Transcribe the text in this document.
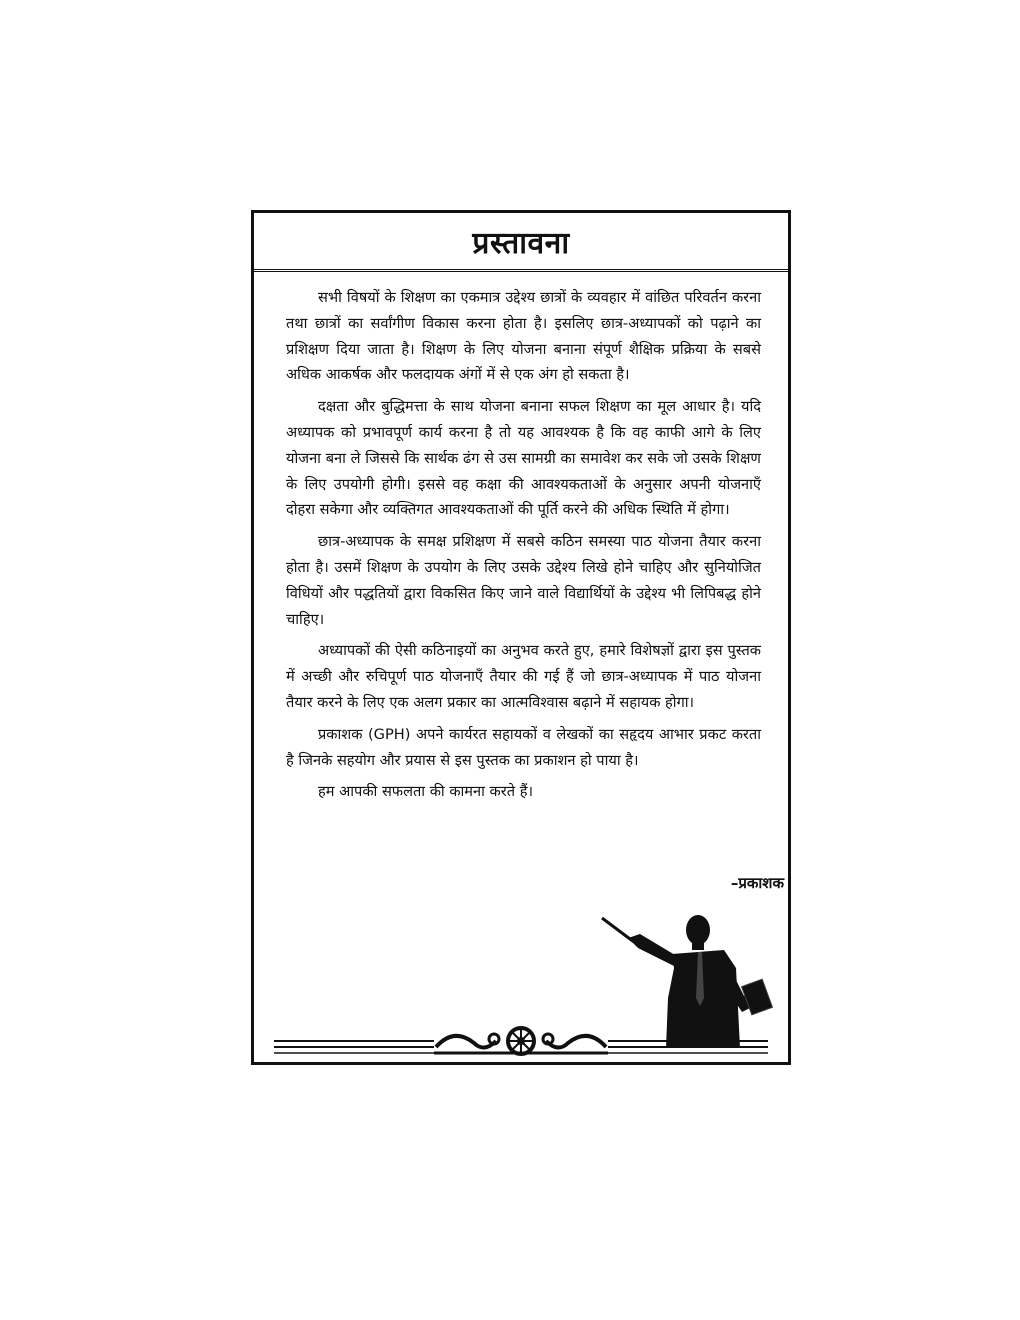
प्रस्तावना

सभी विषयों के शिक्षण का एकमात्र उद्देश्य छात्रों के व्यवहार में वांछित परिवर्तन करना तथा छात्रों का सर्वांगीण विकास करना होता है। इसलिए छात्र-अध्यापकों को पढ़ाने का प्रशिक्षण दिया जाता है। शिक्षण के लिए योजना बनाना संपूर्ण शैक्षिक प्रक्रिया के सबसे अधिक आकर्षक और फलदायक अंगों में से एक अंग हो सकता है।

दक्षता और बुद्धिमत्ता के साथ योजना बनाना सफल शिक्षण का मूल आधार है। यदि अध्यापक को प्रभावपूर्ण कार्य करना है तो यह आवश्यक है कि वह काफी आगे के लिए योजना बना ले जिससे कि सार्थक ढंग से उस सामग्री का समावेश कर सके जो उसके शिक्षण के लिए उपयोगी होगी। इससे वह कक्षा की आवश्यकताओं के अनुसार अपनी योजनाएँ दोहरा सकेगा और व्यक्तिगत आवश्यकताओं की पूर्ति करने की अधिक स्थिति में होगा।

छात्र-अध्यापक के समक्ष प्रशिक्षण में सबसे कठिन समस्या पाठ योजना तैयार करना होता है। उसमें शिक्षण के उपयोग के लिए उसके उद्देश्य लिखे होने चाहिए और सुनियोजित विधियों और पद्धतियों द्वारा विकसित किए जाने वाले विद्यार्थियों के उद्देश्य भी लिपिबद्ध होने चाहिए।

अध्यापकों की ऐसी कठिनाइयों का अनुभव करते हुए, हमारे विशेषज्ञों द्वारा इस पुस्तक में अच्छी और रुचिपूर्ण पाठ योजनाएँ तैयार की गई हैं जो छात्र-अध्यापक में पाठ योजना तैयार करने के लिए एक अलग प्रकार का आत्मविश्वास बढ़ाने में सहायक होगा।

प्रकाशक (GPH) अपने कार्यरत सहायकों व लेखकों का सहृदय आभार प्रकट करता है जिनके सहयोग और प्रयास से इस पुस्तक का प्रकाशन हो पाया है।

हम आपकी सफलता की कामना करते हैं।

–प्रकाशक
